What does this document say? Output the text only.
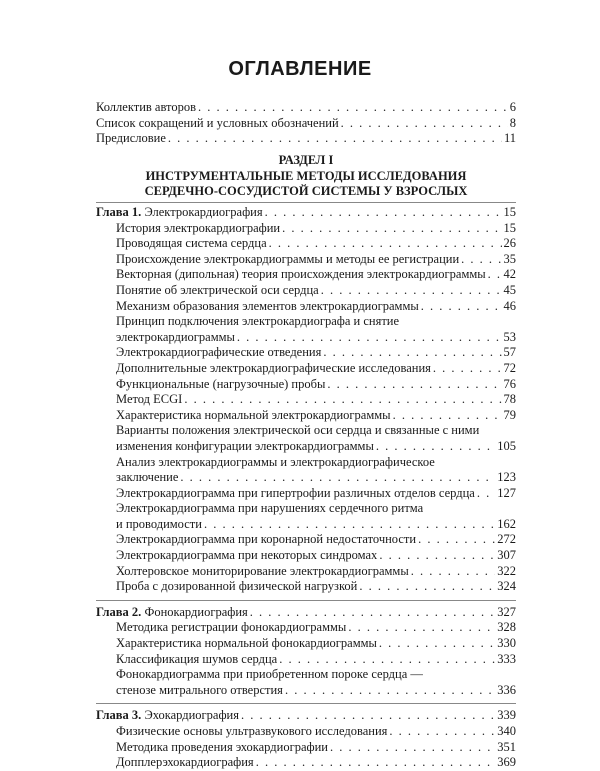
ОГЛАВЛЕНИЕ
Коллектив авторов . . .	6
Список сокращений и условных обозначений . . .	8
Предисловие . . .	11
РАЗДЕЛ I
ИНСТРУМЕНТАЛЬНЫЕ МЕТОДЫ ИССЛЕДОВАНИЯ
СЕРДЕЧНО-СОСУДИСТОЙ СИСТЕМЫ У ВЗРОСЛЫХ
Глава 1. Электрокардиография . . .	15
История электрокардиографии . . .	15
Проводящая система сердца . . .	26
Происхождение электрокардиограммы и методы ее регистрации . . .	35
Векторная (дипольная) теория происхождения электрокардиограммы . . . 42
Понятие об электрической оси сердца . . .	45
Механизм образования элементов электрокардиограммы . . .	46
Принцип подключения электрокардиографа и снятие
электрокардиограммы . . .	53
Электрокардиографические отведения . . .	57
Дополнительные электрокардиографические исследования . . .	72
Функциональные (нагрузочные) пробы . . .	76
Метод ECGI . . .	78
Характеристика нормальной электрокардиограммы . . .	79
Варианты положения электрической оси сердца и связанные с ними
изменения конфигурации электрокардиограммы . . .	105
Анализ электрокардиограммы и электрокардиографическое
заключение . . .	123
Электрокардиограмма при гипертрофии различных отделов сердца . . . 127
Электрокардиограмма при нарушениях сердечного ритма
и проводимости . . .	162
Электрокардиограмма при коронарной недостаточности . . .	272
Электрокардиограмма при некоторых синдромах . . .	307
Холтеровское мониторирование электрокардиограммы . . .	322
Проба с дозированной физической нагрузкой . . .	324
Глава 2. Фонокардиография . . .	327
Методика регистрации фонокардиограммы . . .	328
Характеристика нормальной фонокардиограммы . . .	330
Классификация шумов сердца . . .	333
Фонокардиограмма при приобретенном пороке сердца —
стенозе митрального отверстия . . .	336
Глава 3. Эхокардиография . . .	339
Физические основы ультразвукового исследования . . .	340
Методика проведения эхокардиографии . . .	351
Допплерэхокардиография . . .	369
